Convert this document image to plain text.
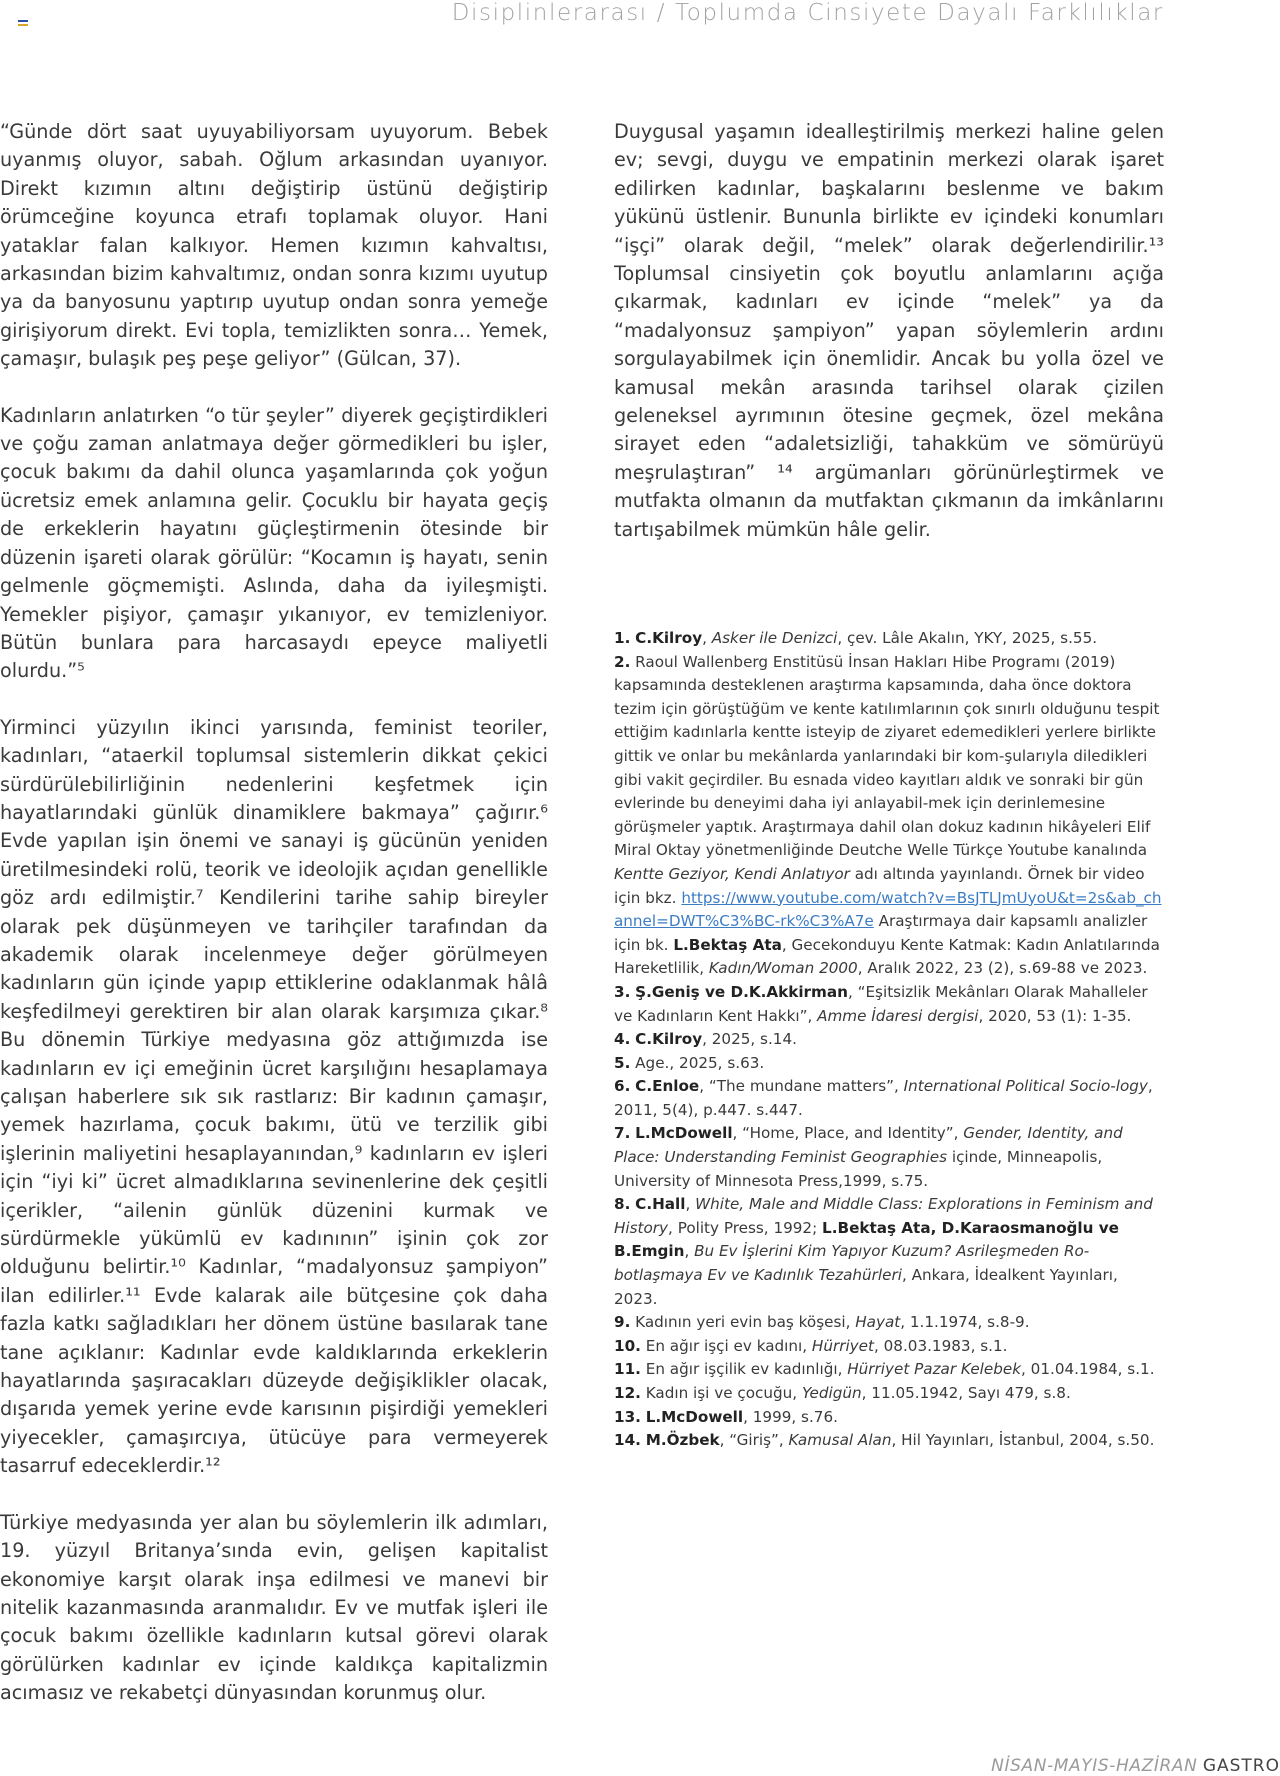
Disiplinlerarası / Toplumda Cinsiyete Dayalı Farklılıklar

“Günde dört saat uyuyabiliyorsam uyuyorum. Bebek uyanmış oluyor, sabah. Oğlum arkasından uyanıyor. Direkt kızımın altını değiştirip üstünü değiştirip örümceğine koyunca etrafı toplamak oluyor. Hani yataklar falan kalkıyor. Hemen kızımın kahvaltısı, arkasından bizim kahvaltımız, ondan sonra kızımı uyutup ya da banyosunu yaptırıp uyutup ondan sonra yemeğe girişiyorum direkt. Evi topla, temizlikten sonra… Yemek, çamaşır, bulaşık peş peşe geliyor” (Gülcan, 37).

Kadınların anlatırken “o tür şeyler” diyerek geçiştirdikleri ve çoğu zaman anlatmaya değer görmedikleri bu işler, çocuk bakımı da dahil olunca yaşamlarında çok yoğun ücretsiz emek anlamına gelir. Çocuklu bir hayata geçiş de erkeklerin hayatını güçleştirmenin ötesinde bir düzenin işareti olarak görülür: “Kocamın iş hayatı, senin gelmenle göçmemişti. Aslında, daha da iyileşmişti. Yemekler pişiyor, çamaşır yıkanıyor, ev temizleniyor. Bütün bunlara para harcasaydı epeyce maliyetli olurdu.”⁵

Yirminci yüzyılın ikinci yarısında, feminist teoriler, kadınları, “ataerkil toplumsal sistemlerin dikkat çekici sürdürülebilirliğinin nedenlerini keşfetmek için hayatlarındaki günlük dinamiklere bakmaya” çağırır.⁶ Evde yapılan işin önemi ve sanayi iş gücünün yeniden üretilmesindeki rolü, teorik ve ideolojik açıdan genellikle göz ardı edilmiştir.⁷ Kendilerini tarihe sahip bireyler olarak pek düşünmeyen ve tarihçiler tarafından da akademik olarak incelenmeye değer görülmeyen kadınların gün içinde yapıp ettiklerine odaklanmak hâlâ keşfedilmeyi gerektiren bir alan olarak karşımıza çıkar.⁸ Bu dönemin Türkiye medyasına göz attığımızda ise kadınların ev içi emeğinin ücret karşılığını hesaplamaya çalışan haberlere sık sık rastlarız: Bir kadının çamaşır, yemek hazırlama, çocuk bakımı, ütü ve terzilik gibi işlerinin maliyetini hesaplayanından,⁹ kadınların ev işleri için “iyi ki” ücret almadıklarına sevinenlerine dek çeşitli içerikler, “ailenin günlük düzenini kurmak ve sürdürmekle yükümlü ev kadınının” işinin çok zor olduğunu belirtir.¹⁰ Kadınlar, “madalyonsuz şampiyon” ilan edilirler.¹¹ Evde kalarak aile bütçesine çok daha fazla katkı sağladıkları her dönem üstüne basılarak tane tane açıklanır: Kadınlar evde kaldıklarında erkeklerin hayatlarında şaşıracakları düzeyde değişiklikler olacak, dışarıda yemek yerine evde karısının pişirdiği yemekleri yiyecekler, çamaşırcıya, ütücüye para vermeyerek tasarruf edeceklerdir.¹²

Türkiye medyasında yer alan bu söylemlerin ilk adımları, 19. yüzyıl Britanya’sında evin, gelişen kapitalist ekonomiye karşıt olarak inşa edilmesi ve manevi bir nitelik kazanmasında aranmalıdır. Ev ve mutfak işleri ile çocuk bakımı özellikle kadınların kutsal görevi olarak görülürken kadınlar ev içinde kaldıkça kapitalizmin acımasız ve rekabetçi dünyasından korunmuş olur.

Duygusal yaşamın idealleştirilmiş merkezi haline gelen ev; sevgi, duygu ve empatinin merkezi olarak işaret edilirken kadınlar, başkalarını beslenme ve bakım yükünü üstlenir. Bununla birlikte ev içindeki konumları “işçi” olarak değil, “melek” olarak değerlendirilir.¹³ Toplumsal cinsiyetin çok boyutlu anlamlarını açığa çıkarmak, kadınları ev içinde “melek” ya da “madalyonsuz şampiyon” yapan söylemlerin ardını sorgulayabilmek için önemlidir. Ancak bu yolla özel ve kamusal mekân arasında tarihsel olarak çizilen geleneksel ayrımının ötesine geçmek, özel mekâna sirayet eden “adaletsizliği, tahakküm ve sömürüyü meşrulaştıran” ¹⁴ argümanları görünürleştirmek ve mutfakta olmanın da mutfaktan çıkmanın da imkânlarını tartışabilmek mümkün hâle gelir.

1. C.Kilroy, Asker ile Denizci, çev. Lâle Akalın, YKY, 2025, s.55.

2. Raoul Wallenberg Enstitüsü İnsan Hakları Hibe Programı (2019) kapsamında desteklenen araştırma kapsamında, daha önce doktora tezim için görüştüğüm ve kente katılımlarının çok sınırlı olduğunu tespit ettiğim kadınlarla kentte isteyip de ziyaret edemedikleri yerlere birlikte gittik ve onlar bu mekânlarda yanlarındaki bir kom-şularıyla diledikleri gibi vakit geçirdiler. Bu esnada video kayıtları aldık ve sonraki bir gün evlerinde bu deneyimi daha iyi anlayabil-mek için derinlemesine görüşmeler yaptık. Araştırmaya dahil olan dokuz kadının hikâyeleri Elif Miral Oktay yönetmenliğinde Deutche Welle Türkçe Youtube kanalında Kentte Geziyor, Kendi Anlatıyor adı altında yayınlandı. Örnek bir video için bkz. https://www.youtube.com/watch?v=BsJTLJmUyoU&t=2s&ab_channel=DWT%C3%BC-rk%C3%A7e Araştırmaya dair kapsamlı analizler için bk. L.Bektaş Ata, Gecekonduyu Kente Katmak: Kadın Anlatılarında Hareketlilik, Kadın/Woman 2000, Aralık 2022, 23 (2), s.69-88 ve 2023.

3. Ş.Geniş ve D.K.Akkirman, “Eşitsizlik Mekânları Olarak Mahalleler ve Kadınların Kent Hakkı”, Amme İdaresi dergisi, 2020, 53 (1): 1-35.

4. C.Kilroy, 2025, s.14.

5. Age., 2025, s.63.

6. C.Enloe, “The mundane matters”, International Political Socio-logy, 2011, 5(4), p.447. s.447.

7. L.McDowell, “Home, Place, and Identity”, Gender, Identity, and Place: Understanding Feminist Geographies içinde, Minneapolis, University of Minnesota Press,1999, s.75.

8. C.Hall, White, Male and Middle Class: Explorations in Feminism and History, Polity Press, 1992; L.Bektaş Ata, D.Karaosmanoğlu ve B.Emgin, Bu Ev İşlerini Kim Yapıyor Kuzum? Asrileşmeden Ro-botlaşmaya Ev ve Kadınlık Tezahürleri, Ankara, İdealkent Yayınları, 2023.

9. Kadının yeri evin baş köşesi, Hayat, 1.1.1974, s.8-9.

10. En ağır işçi ev kadını, Hürriyet, 08.03.1983, s.1.

11. En ağır işçilik ev kadınlığı, Hürriyet Pazar Kelebek, 01.04.1984, s.1.

12. Kadın işi ve çocuğu, Yedigün, 11.05.1942, Sayı 479, s.8.

13. L.McDowell, 1999, s.76.

14. M.Özbek, “Giriş”, Kamusal Alan, Hil Yayınları, İstanbul, 2004, s.50.

NİSAN-MAYIS-HAZİRAN GASTRO
